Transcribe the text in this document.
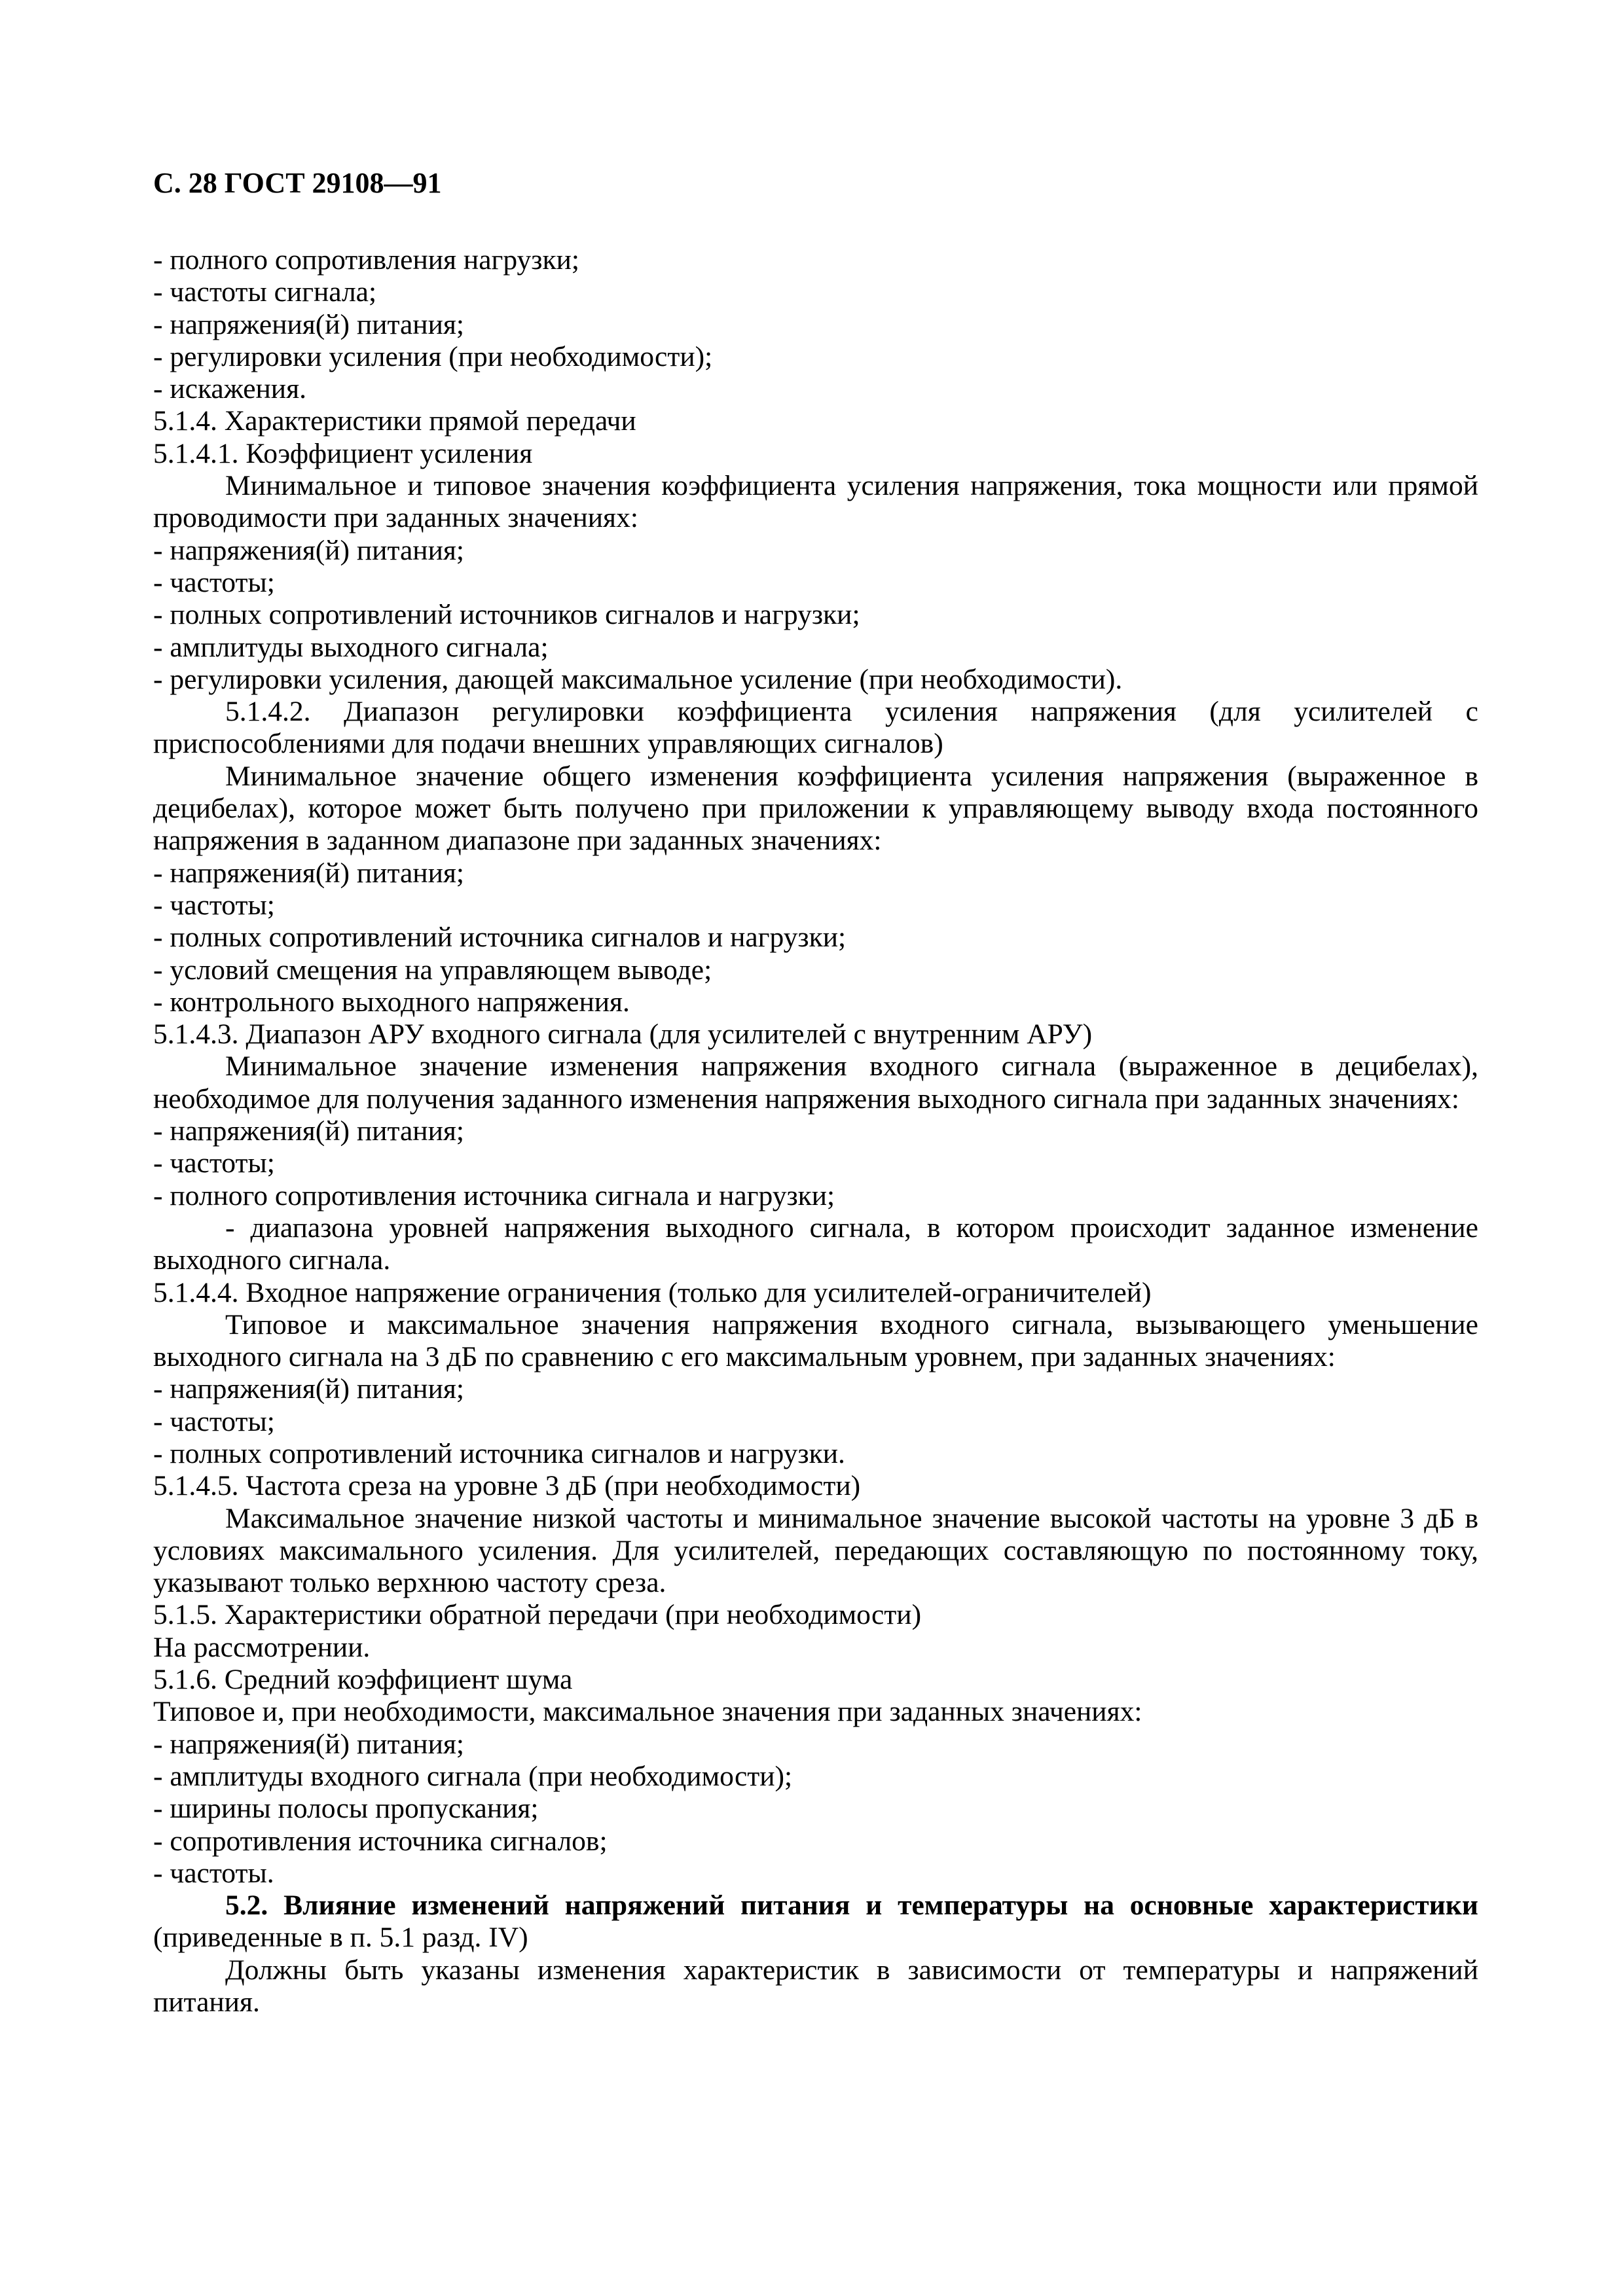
С. 28 ГОСТ 29108—91

- полного сопротивления нагрузки;

- частоты сигнала;

- напряжения(й) питания;

- регулировки усиления (при необходимости);

- искажения.

5.1.4. Характеристики прямой передачи

5.1.4.1. Коэффициент усиления

Минимальное и типовое значения коэффициента усиления напряжения, тока мощности или прямой проводимости при заданных значениях:

- напряжения(й) питания;

- частоты;

- полных сопротивлений источников сигналов и нагрузки;

- амплитуды выходного сигнала;

- регулировки усиления, дающей максимальное усиление (при необходимости).

5.1.4.2. Диапазон регулировки коэффициента усиления напряжения (для усилителей с приспособлениями для подачи внешних управляющих сигналов)

Минимальное значение общего изменения коэффициента усиления напряжения (выраженное в децибелах), которое может быть получено при приложении к управляющему выводу входа постоянного напряжения в заданном диапазоне при заданных значениях:

- напряжения(й) питания;

- частоты;

- полных сопротивлений источника сигналов и нагрузки;

- условий смещения на управляющем выводе;

- контрольного выходного напряжения.

5.1.4.3. Диапазон АРУ входного сигнала (для усилителей с внутренним АРУ)

Минимальное значение изменения напряжения входного сигнала (выраженное в децибелах), необходимое для получения заданного изменения напряжения выходного сигнала при заданных значениях:

- напряжения(й) питания;

- частоты;

- полного сопротивления источника сигнала и нагрузки;

- диапазона уровней напряжения выходного сигнала, в котором происходит заданное изменение выходного сигнала.

5.1.4.4. Входное напряжение ограничения (только для усилителей-ограничителей)

Типовое и максимальное значения напряжения входного сигнала, вызывающего уменьшение выходного сигнала на 3 дБ по сравнению с его максимальным уровнем, при заданных значениях:

- напряжения(й) питания;

- частоты;

- полных сопротивлений источника сигналов и нагрузки.

5.1.4.5. Частота среза на уровне 3 дБ (при необходимости)

Максимальное значение низкой частоты и минимальное значение высокой частоты на уровне 3 дБ в условиях максимального усиления. Для усилителей, передающих составляющую по постоянному току, указывают только верхнюю частоту среза.

5.1.5. Характеристики обратной передачи (при необходимости)

На рассмотрении.

5.1.6. Средний коэффициент шума

Типовое и, при необходимости, максимальное значения при заданных значениях:

- напряжения(й) питания;

- амплитуды входного сигнала (при необходимости);

- ширины полосы пропускания;

- сопротивления источника сигналов;

- частоты.

5.2. Влияние изменений напряжений питания и температуры на основные характеристики (приведенные в п. 5.1 разд. IV)

Должны быть указаны изменения характеристик в зависимости от температуры и напряжений питания.
